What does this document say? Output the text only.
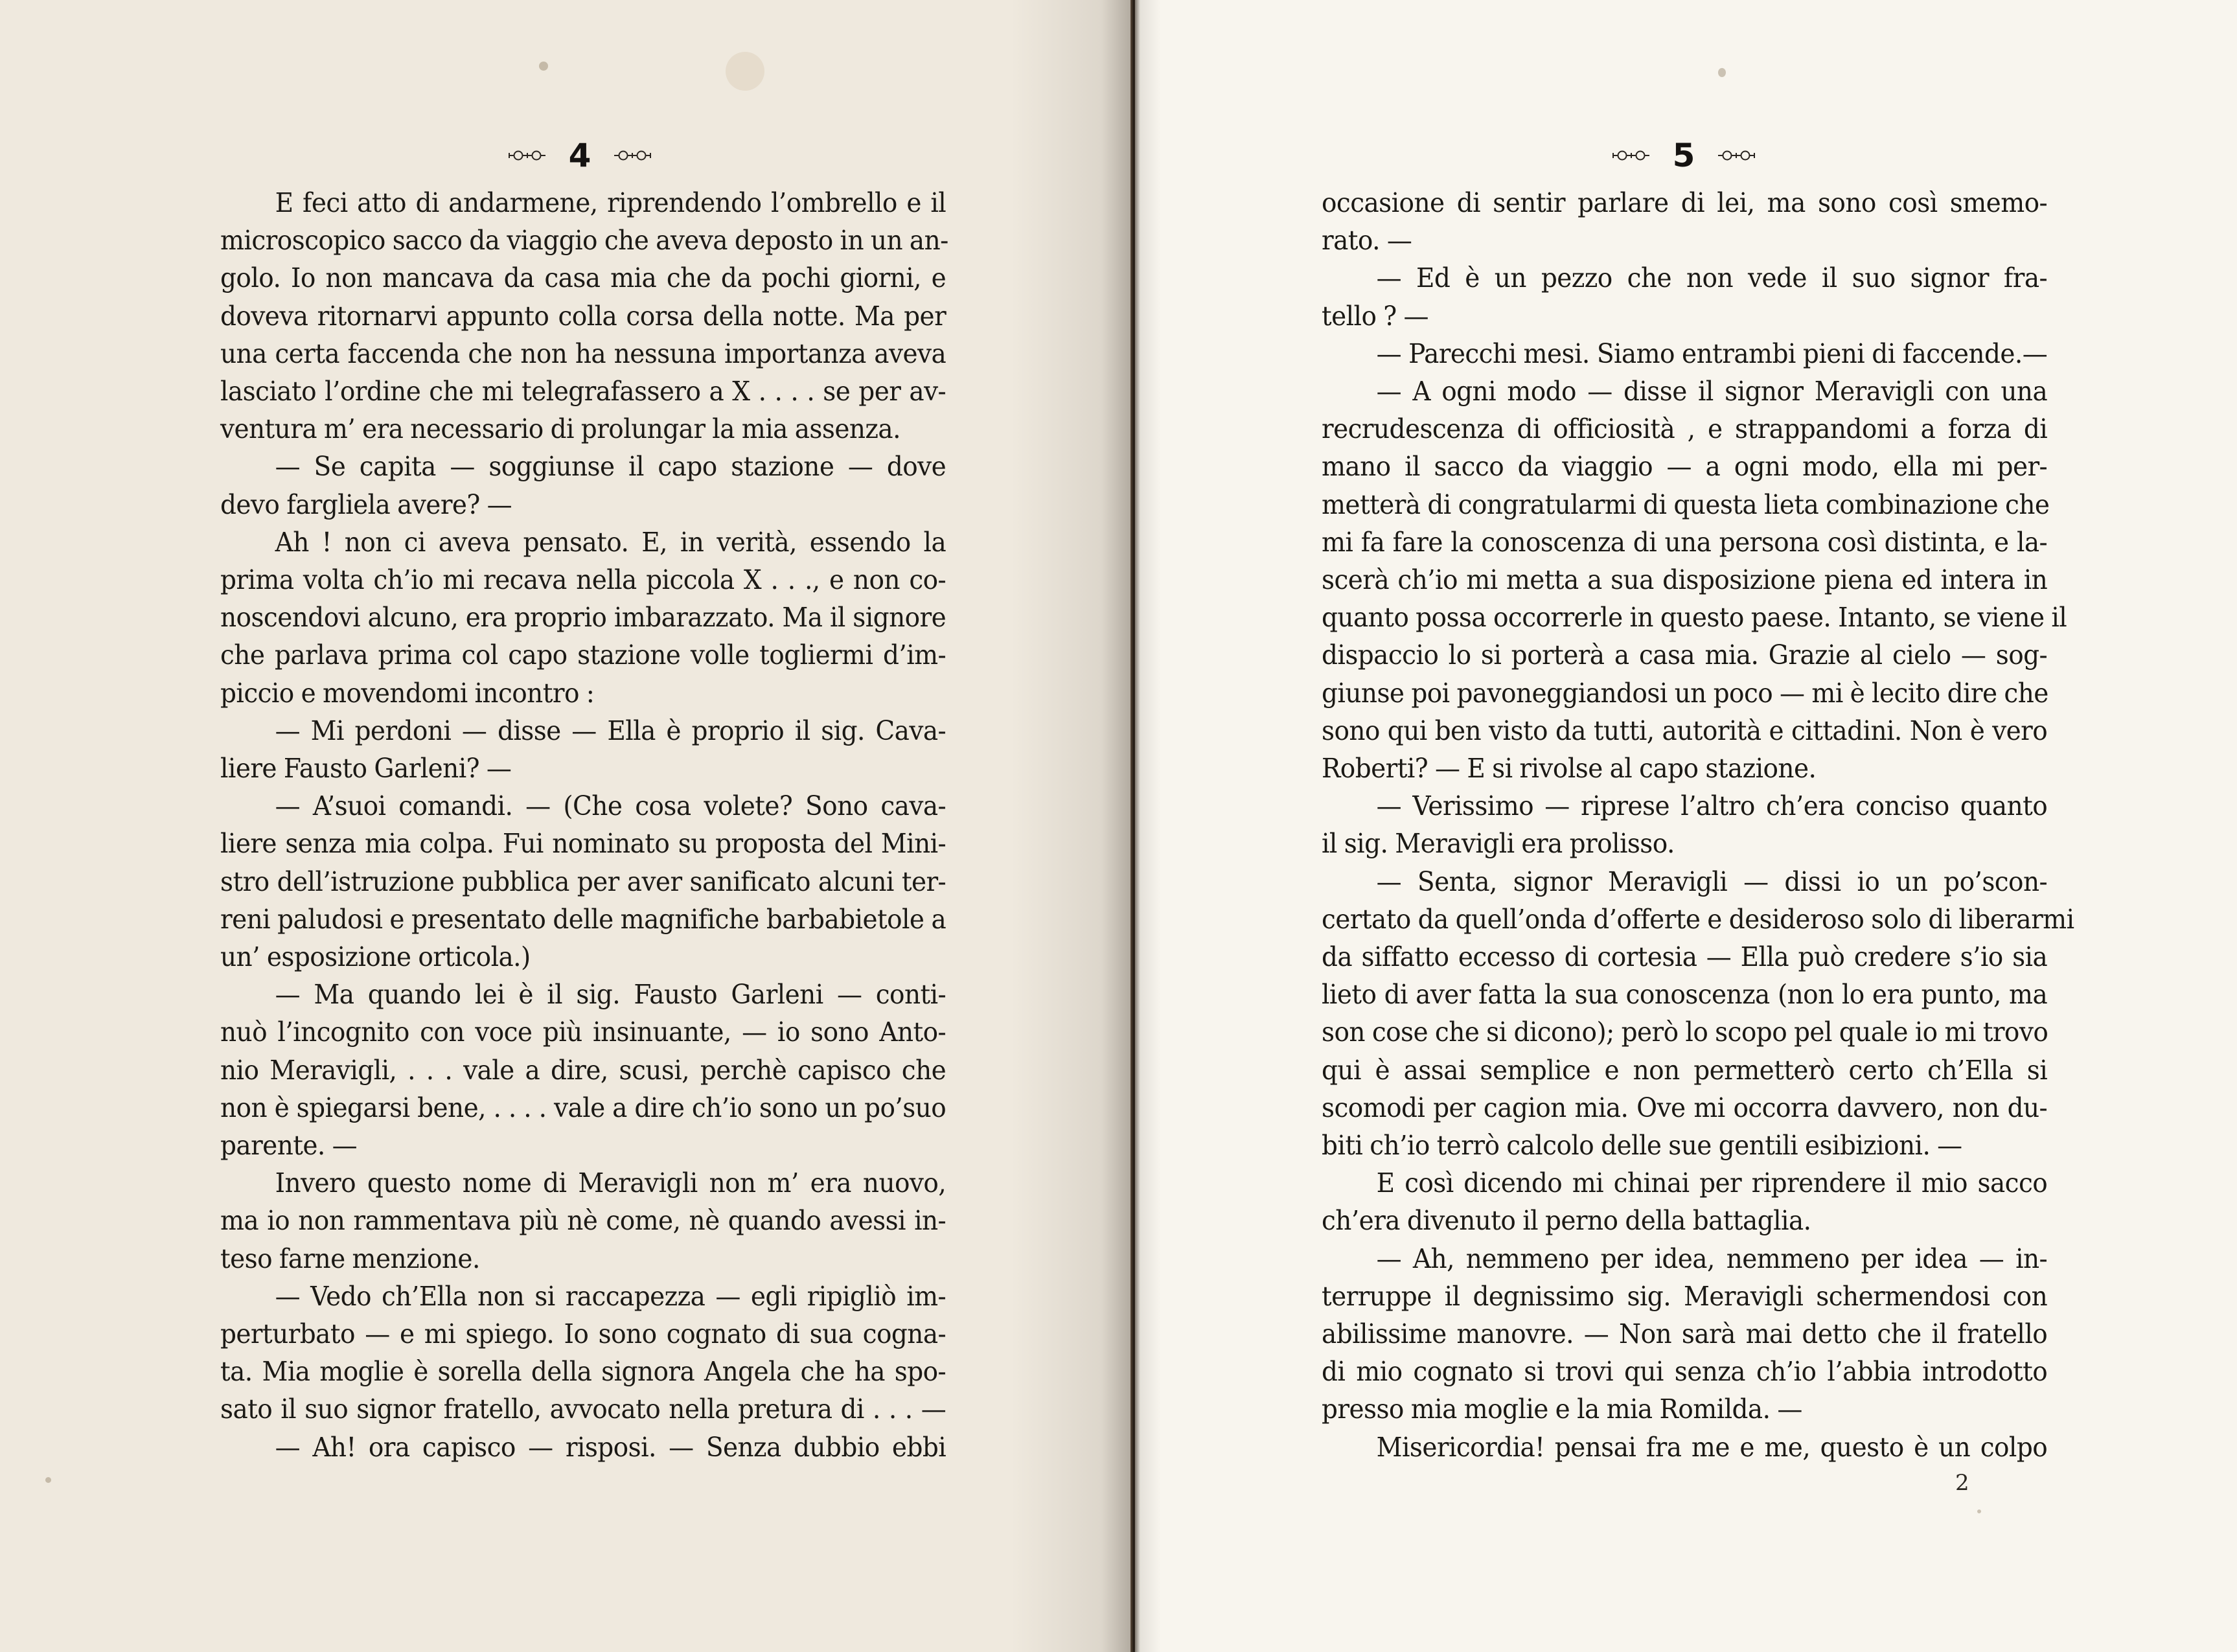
4
E feci atto di andarmene, riprendendo l’ombrello e il
microscopico sacco da viaggio che aveva deposto in un an-
golo. Io non mancava da casa mia che da pochi giorni, e
doveva ritornarvi appunto colla corsa della notte. Ma per
una certa faccenda che non ha nessuna importanza aveva
lasciato l’ordine che mi telegrafassero a X . . . . se per av-
ventura m’ era necessario di prolungar la mia assenza.
— Se capita — soggiunse il capo stazione — dove
devo fargliela avere? —
Ah ! non ci aveva pensato. E, in verità, essendo la
prima volta ch’io mi recava nella piccola X . . ., e non co-
noscendovi alcuno, era proprio imbarazzato. Ma il signore
che parlava prima col capo stazione volle togliermi d’im-
piccio e movendomi incontro :
— Mi perdoni — disse — Ella è proprio il sig. Cava-
liere Fausto Garleni? —
— A’suoi comandi. — (Che cosa volete? Sono cava-
liere senza mia colpa. Fui nominato su proposta del Mini-
stro dell’istruzione pubblica per aver sanificato alcuni ter-
reni paludosi e presentato delle magnifiche barbabietole a
un’ esposizione orticola.)
— Ma quando lei è il sig. Fausto Garleni — conti-
nuò l’incognito con voce più insinuante, — io sono Anto-
nio Meravigli, . . . vale a dire, scusi, perchè capisco che
non è spiegarsi bene, . . . . vale a dire ch’io sono un po’suo
parente. —
Invero questo nome di Meravigli non m’ era nuovo,
ma io non rammentava più nè come, nè quando avessi in-
teso farne menzione.
— Vedo ch’Ella non si raccapezza — egli ripigliò im-
perturbato — e mi spiego. Io sono cognato di sua cogna-
ta. Mia moglie è sorella della signora Angela che ha spo-
sato il suo signor fratello, avvocato nella pretura di . . . —
— Ah! ora capisco — risposi. — Senza dubbio ebbi
5
occasione di sentir parlare di lei, ma sono così smemo-
rato. —
— Ed è un pezzo che non vede il suo signor fra-
tello ? —
— Parecchi mesi. Siamo entrambi pieni di faccende.—
— A ogni modo — disse il signor Meravigli con una
recrudescenza di officiosità , e strappandomi a forza di
mano il sacco da viaggio — a ogni modo, ella mi per-
metterà di congratularmi di questa lieta combinazione che
mi fa fare la conoscenza di una persona così distinta, e la-
scerà ch’io mi metta a sua disposizione piena ed intera in
quanto possa occorrerle in questo paese. Intanto, se viene il
dispaccio lo si porterà a casa mia. Grazie al cielo — sog-
giunse poi pavoneggiandosi un poco — mi è lecito dire che
sono qui ben visto da tutti, autorità e cittadini. Non è vero
Roberti? — E si rivolse al capo stazione.
— Verissimo — riprese l’altro ch’era conciso quanto
il sig. Meravigli era prolisso.
— Senta, signor Meravigli — dissi io un po’scon-
certato da quell’onda d’offerte e desideroso solo di liberarmi
da siffatto eccesso di cortesia — Ella può credere s’io sia
lieto di aver fatta la sua conoscenza (non lo era punto, ma
son cose che si dicono); però lo scopo pel quale io mi trovo
qui è assai semplice e non permetterò certo ch’Ella si
scomodi per cagion mia. Ove mi occorra davvero, non du-
biti ch’io terrò calcolo delle sue gentili esibizioni. —
E così dicendo mi chinai per riprendere il mio sacco
ch’era divenuto il perno della battaglia.
— Ah, nemmeno per idea, nemmeno per idea — in-
terruppe il degnissimo sig. Meravigli schermendosi con
abilissime manovre. — Non sarà mai detto che il fratello
di mio cognato si trovi qui senza ch’io l’abbia introdotto
presso mia moglie e la mia Romilda. —
Misericordia! pensai fra me e me, questo è un colpo
2
